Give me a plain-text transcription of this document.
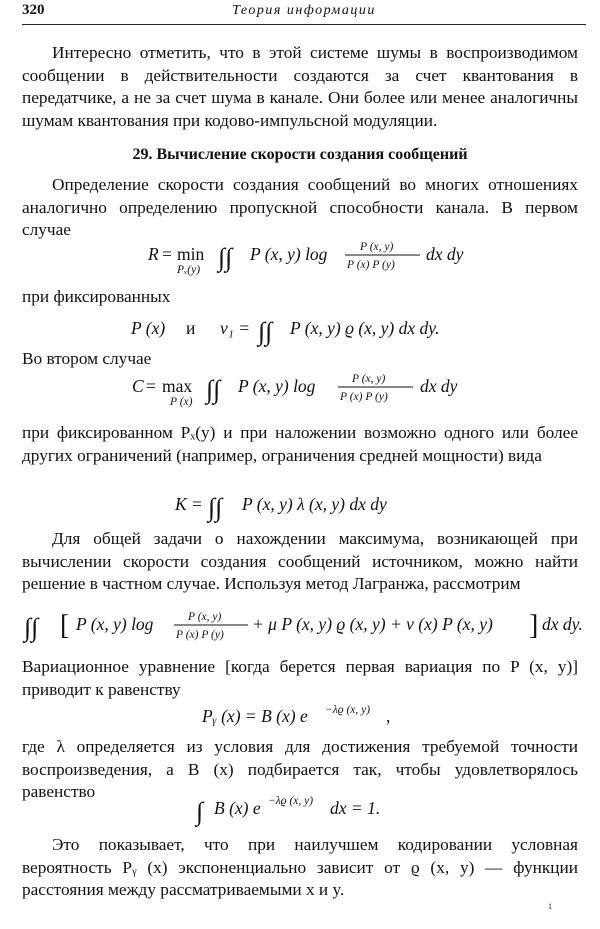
320	Теория информации

Интересно отметить, что в этой системе шумы в воспроизводимом сообщении в действительности создаются за счет квантования в передатчике, а не за счет шума в канале. Они более или менее аналогичны шумам квантования при кодово-импульсной модуляции.

29. Вычисление скорости создания сообщений

Определение скорости создания сообщений во многих отношениях аналогично определению пропускной способности канала. В первом случае

R = min
Pₓ(y) ∫∫ P (x, y) log	P (x, y)
P (x) P (y)
dx dy

при фиксированных

P (x) и v₁ = ∫∫ P (x, y) ϱ (x, y) dx dy.

Во втором случае

C = max
P (x) ∫∫ P (x, y) log	P (x, y)
P (x) P (y)
dx dy

при фиксированном Pₓ(y) и при наложении возможно одного или более других ограничений (например, ограничения средней мощности) вида

K = ∫∫ P (x, y) λ (x, y) dx dy

Для общей задачи о нахождении максимума, возникающей при вычислении скорости создания сообщений источником, можно найти решение в частном случае. Используя метод Лагранжа, рассмотрим

∫∫ [ P (x, y) log	P (x, y)
P (x) P (y)
+ μ P (x, y) ϱ (x, y) + ν (x) P (x, y) ] dx dy.

Вариационное уравнение [когда берется первая вариация по P (x, y)] приводит к равенству

Pᵧ (x) = B (x) e −λϱ (x, y) ,

где λ определяется из условия для достижения требуемой точности воспроизведения, а B (x) подбирается так, чтобы удовлетворялось равенство

∫ B (x) e −λϱ (x, y) dx = 1.

Это показывает, что при наилучшем кодировании условная вероятность Pᵧ (x) экспоненциально зависит от ϱ (x, y) — функции расстояния между рассматриваемыми x и y.

1
